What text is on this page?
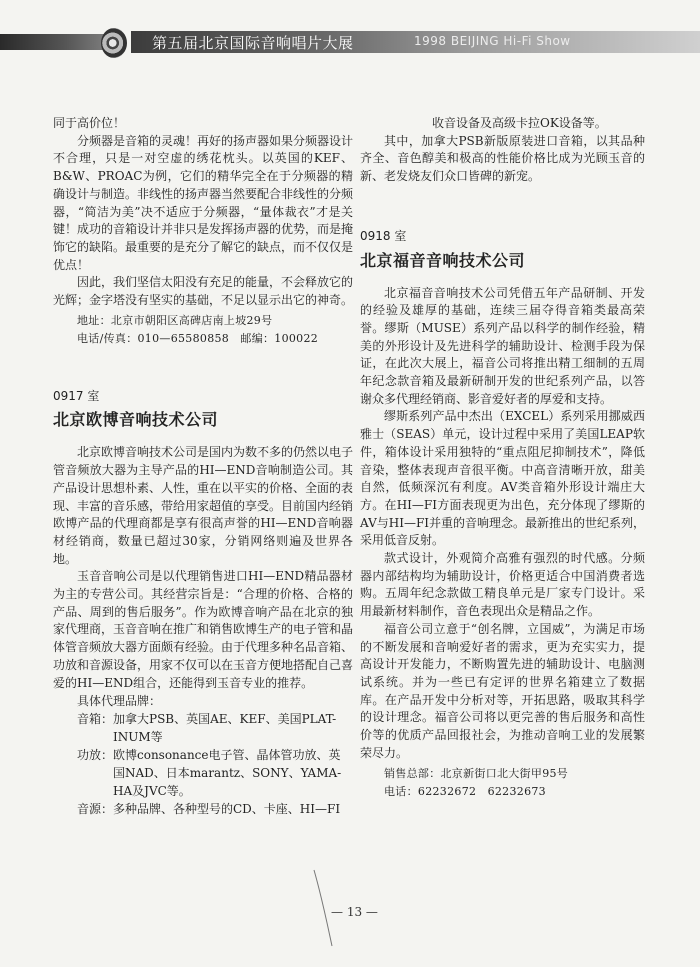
第五届北京国际音响唱片大展	1998 BEIJING Hi-Fi Show

同于高价位！

分频器是音箱的灵魂！再好的扬声器如果分频器设计不合理，只是一对空虚的绣花枕头。以英国的KEF、B&W、PROAC为例，它们的精华完全在于分频器的精确设计与制造。非线性的扬声器当然要配合非线性的分频器，“简洁为美”决不适应于分频器，“量体裁衣”才是关键！成功的音箱设计并非只是发挥扬声器的优势，而是掩饰它的缺陷。最重要的是充分了解它的缺点，而不仅仅是优点！

因此，我们坚信太阳没有充足的能量，不会释放它的光辉；金字塔没有坚实的基础，不足以显示出它的神奇。

地址：北京市朝阳区高碑店南上坡29号
电话/传真：010—65580858　邮编：100022

0917 室

北京欧博音响技术公司

北京欧博音响技术公司是国内为数不多的仍然以电子管音频放大器为主导产品的HI—END音响制造公司。其产品设计思想朴素、人性，重在以平实的价格、全面的表现、丰富的音乐感，带给用家超值的享受。目前国内经销欧博产品的代理商都是享有很高声誉的HI—END音响器材经销商，数量已超过30家，分销网络则遍及世界各地。

玉音音响公司是以代理销售进口HI—END精品器材为主的专营公司。其经营宗旨是：“合理的价格、合格的产品、周到的售后服务”。作为欧博音响产品在北京的独家代理商，玉音音响在推广和销售欧博生产的电子管和晶体管音频放大器方面颇有经验。由于代理多种名品音箱、功放和音源设备，用家不仅可以在玉音方便地搭配自己喜爱的HI—END组合，还能得到玉音专业的推荐。

具体代理品牌：
音箱：加拿大PSB、英国AE、KEF、美国PLAT-
INUM等
功放：欧博consonance电子管、晶体管功放、英
国NAD、日本marantz、SONY、YAMA-
HA及JVC等。
音源：多种品牌、各种型号的CD、卡座、HI—FI

收音设备及高级卡拉OK设备等。

其中，加拿大PSB新版原装进口音箱，以其品种齐全、音色醇美和极高的性能价格比成为光顾玉音的新、老发烧友们众口皆碑的新宠。

0918 室

北京福音音响技术公司

北京福音音响技术公司凭借五年产品研制、开发的经验及雄厚的基础，连续三届夺得音箱类最高荣誉。缪斯（MUSE）系列产品以科学的制作经验，精美的外形设计及先进科学的辅助设计、检测手段为保证，在此次大展上，福音公司将推出精工细制的五周年纪念款音箱及最新研制开发的世纪系列产品，以答谢众多代理经销商、影音爱好者的厚爱和支持。

缪斯系列产品中杰出（EXCEL）系列采用挪威西雅士（SEAS）单元，设计过程中采用了美国LEAP软件，箱体设计采用独特的“重点阻尼抑制技术”，降低音染，整体表现声音很平衡。中高音清晰开放，甜美自然，低频深沉有利度。AV类音箱外形设计端庄大方。在HI—FI方面表现更为出色，充分体现了缪斯的AV与HI—FI并重的音响理念。最新推出的世纪系列，采用低音反射。

款式设计，外观简介高雅有强烈的时代感。分频器内部结构均为辅助设计，价格更适合中国消费者选购。五周年纪念款做工精良单元是厂家专门设计。采用最新材料制作，音色表现出众是精品之作。

福音公司立意于“创名牌，立国威”，为满足市场的不断发展和音响爱好者的需求，更为充实实力，提高设计开发能力，不断购置先进的辅助设计、电脑测试系统。并为一些已有定评的世界名箱建立了数据库。在产品开发中分析对等，开拓思路，吸取其科学的设计理念。福音公司将以更完善的售后服务和高性价等的优质产品回报社会，为推动音响工业的发展繁荣尽力。

销售总部：北京新街口北大街甲95号
电话：62232672　62232673
— 13 —
